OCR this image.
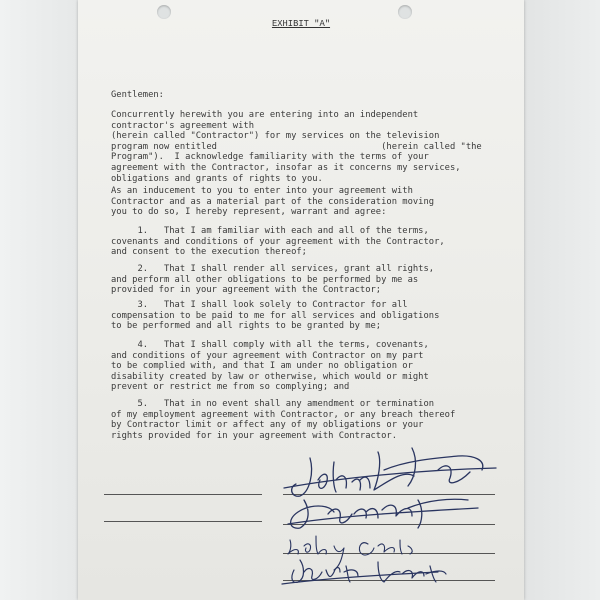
EXHIBIT "A"
Gentlemen:
Concurrently herewith you are entering into an independent
contractor's agreement with
(herein called "Contractor") for my services on the television
program now entitled                               (herein called "the
Program").  I acknowledge familiarity with the terms of your
agreement with the Contractor, insofar as it concerns my services,
obligations and grants of rights to you.
As an inducement to you to enter into your agreement with
Contractor and as a material part of the consideration moving
you to do so, I hereby represent, warrant and agree:
1.   That I am familiar with each and all of the terms,
covenants and conditions of your agreement with the Contractor,
and consent to the execution thereof;
2.   That I shall render all services, grant all rights,
and perform all other obligations to be performed by me as
provided for in your agreement with the Contractor;
3.   That I shall look solely to Contractor for all
compensation to be paid to me for all services and obligations
to be performed and all rights to be granted by me;
4.   That I shall comply with all the terms, covenants,
and conditions of your agreement with Contractor on my part
to be complied with, and that I am under no obligation or
disability created by law or otherwise, which would or might
prevent or restrict me from so complying; and
5.   That in no event shall any amendment or termination
of my employment agreement with Contractor, or any breach thereof
by Contractor limit or affect any of my obligations or your
rights provided for in your agreement with Contractor.
